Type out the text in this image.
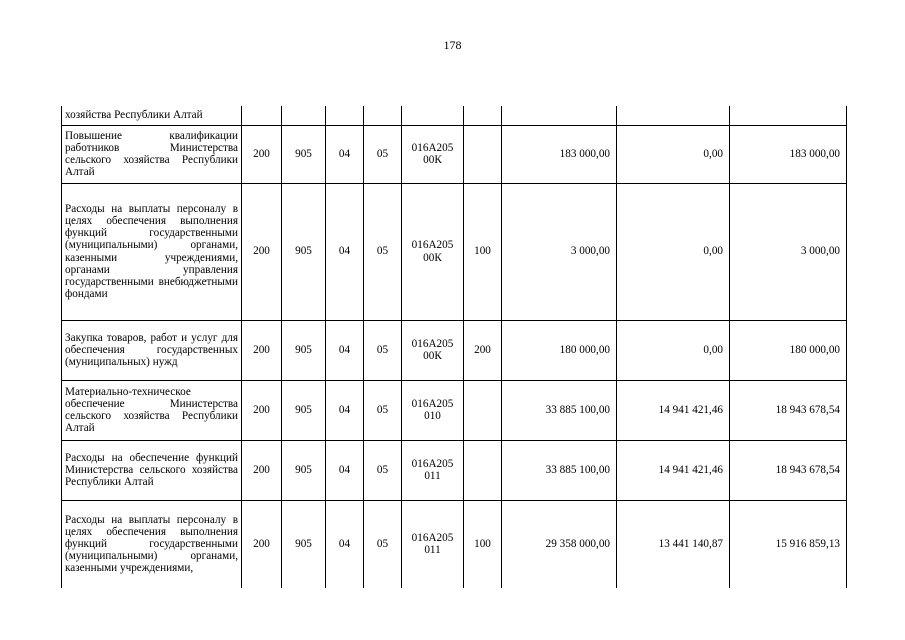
178
хозяйства Республики Алтай									
Повышение квалификации работников Министерства сельского хозяйства Республики Алтай	200	905	04	05	016А205 00К		183 000,00	0,00	183 000,00
Расходы на выплаты персоналу в целях обеспечения выполнения функций государственными (муниципальными) органами, казенными учреждениями, органами управления государственными внебюджетными фондами	200	905	04	05	016А205 00К	100	3 000,00	0,00	3 000,00
Закупка товаров, работ и услуг для обеспечения государственных (муниципальных) нужд	200	905	04	05	016А205 00К	200	180 000,00	0,00	180 000,00
Материально-техническое обеспечение Министерства сельского хозяйства Республики Алтай	200	905	04	05	016А205 010		33 885 100,00	14 941 421,46	18 943 678,54
Расходы на обеспечение функций Министерства сельского хозяйства Республики Алтай	200	905	04	05	016А205 011		33 885 100,00	14 941 421,46	18 943 678,54
Расходы на выплаты персоналу в целях обеспечения выполнения функций государственными (муниципальными) органами, казенными учреждениями,	200	905	04	05	016А205 011	100	29 358 000,00	13 441 140,87	15 916 859,13
